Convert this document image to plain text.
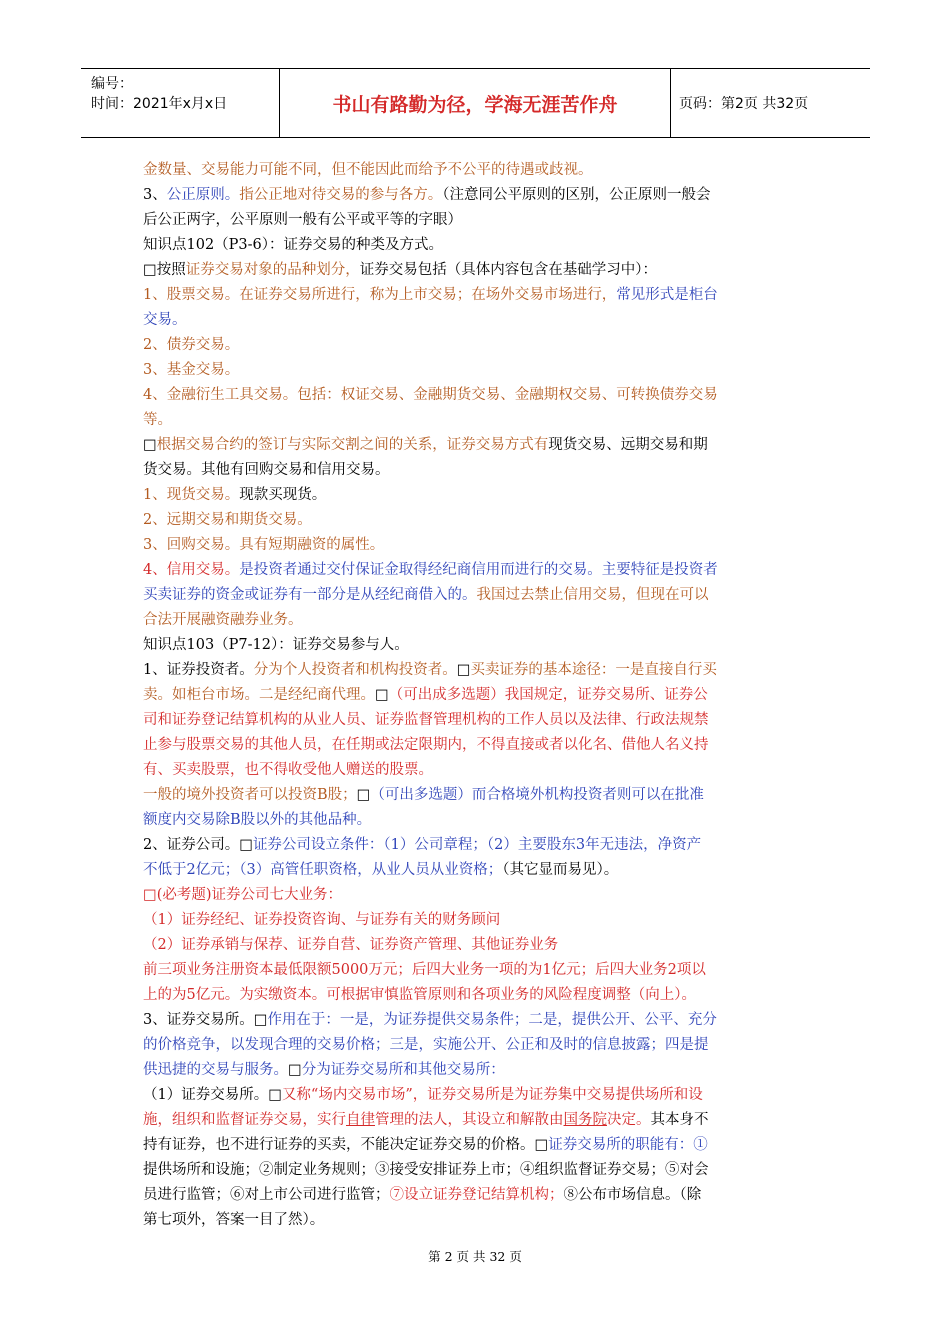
编号：
时间：2021年x月x日	书山有路勤为径，学海无涯苦作舟	页码：第2页 共32页
金数量、交易能力可能不同，但不能因此而给予不公平的待遇或歧视。
3、公正原则。指公正地对待交易的参与各方。（注意同公平原则的区别，公正原则一般会
后公正两字，公平原则一般有公平或平等的字眼）
知识点102（P3-6）：证券交易的种类及方式。
□按照证券交易对象的品种划分，证券交易包括（具体内容包含在基础学习中）：
1、股票交易。在证券交易所进行，称为上市交易；在场外交易市场进行，常见形式是柜台
交易。
2、债券交易。
3、基金交易。
4、金融衍生工具交易。包括：权证交易、金融期货交易、金融期权交易、可转换债券交易
等。
□根据交易合约的签订与实际交割之间的关系，证券交易方式有现货交易、远期交易和期
货交易。其他有回购交易和信用交易。
1、现货交易。现款买现货。
2、远期交易和期货交易。
3、回购交易。具有短期融资的属性。
4、信用交易。是投资者通过交付保证金取得经纪商信用而进行的交易。主要特征是投资者
买卖证券的资金或证券有一部分是从经纪商借入的。我国过去禁止信用交易，但现在可以
合法开展融资融券业务。
知识点103（P7-12）：证券交易参与人。
1、证券投资者。分为个人投资者和机构投资者。□买卖证券的基本途径：一是直接自行买
卖。如柜台市场。二是经纪商代理。□（可出成多选题）我国规定，证券交易所、证券公
司和证券登记结算机构的从业人员、证券监督管理机构的工作人员以及法律、行政法规禁
止参与股票交易的其他人员，在任期或法定限期内，不得直接或者以化名、借他人名义持
有、买卖股票，也不得收受他人赠送的股票。
一般的境外投资者可以投资B股；□（可出多选题）而合格境外机构投资者则可以在批准
额度内交易除B股以外的其他品种。
2、证券公司。□证券公司设立条件：（1）公司章程；（2）主要股东3年无违法，净资产
不低于2亿元；（3）高管任职资格，从业人员从业资格；（其它显而易见）。
□(必考题)证券公司七大业务：
（1）证券经纪、证券投资咨询、与证券有关的财务顾问
（2）证券承销与保荐、证券自营、证券资产管理、其他证券业务
前三项业务注册资本最低限额5000万元；后四大业务一项的为1亿元；后四大业务2项以
上的为5亿元。为实缴资本。可根据审慎监管原则和各项业务的风险程度调整（向上）。
3、证券交易所。□作用在于：一是，为证券提供交易条件；二是，提供公开、公平、充分
的价格竞争，以发现合理的交易价格；三是，实施公开、公正和及时的信息披露；四是提
供迅捷的交易与服务。□分为证券交易所和其他交易所：
（1）证券交易所。□又称“场内交易市场”，证券交易所是为证券集中交易提供场所和设
施，组织和监督证券交易，实行自律管理的法人，其设立和解散由国务院决定。其本身不
持有证券，也不进行证券的买卖，不能决定证券交易的价格。□证券交易所的职能有：①
提供场所和设施；②制定业务规则；③接受安排证券上市；④组织监督证券交易；⑤对会
员进行监管；⑥对上市公司进行监管；⑦设立证券登记结算机构；⑧公布市场信息。（除
第七项外，答案一目了然）。
第 2 页 共 32 页
